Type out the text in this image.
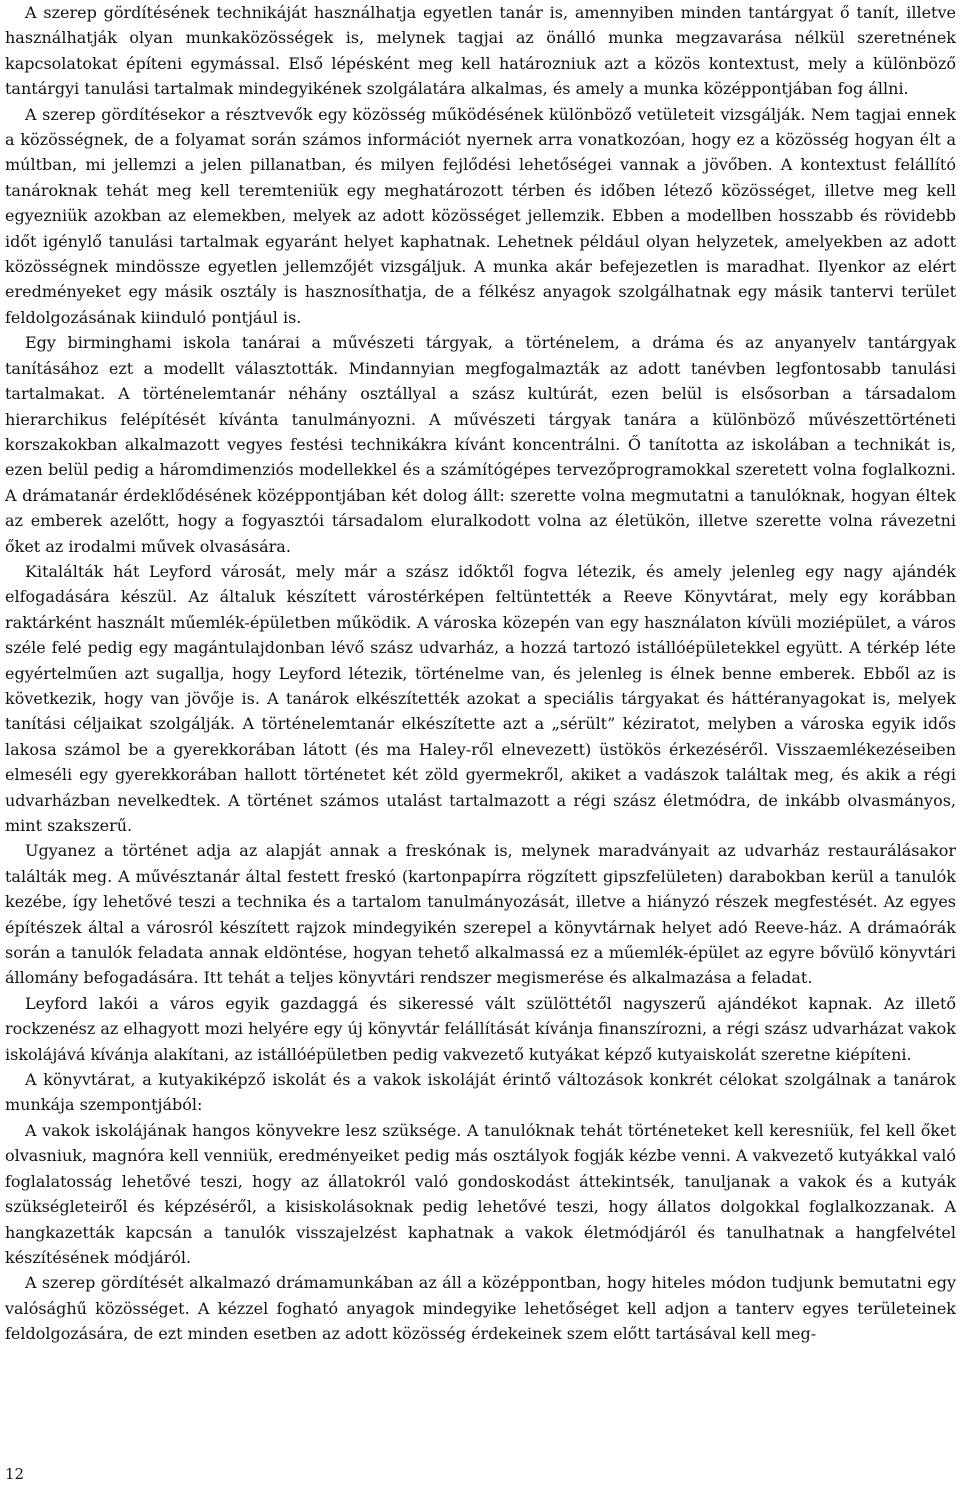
A szerep gördítésének technikáját használhatja egyetlen tanár is, amennyiben minden tantárgyat ő tanít, illetve használhatják olyan munkaközösségek is, melynek tagjai az önálló munka megzavarása nélkül szeretnének kapcsolatokat építeni egymással. Első lépésként meg kell határozniuk azt a közös kontextust, mely a különböző tantárgyi tanulási tartalmak mindegyikének szolgálatára alkalmas, és amely a munka középpontjában fog állni.

A szerep gördítésekor a résztvevők egy közösség működésének különböző vetületeit vizsgálják. Nem tagjai ennek a közösségnek, de a folyamat során számos információt nyernek arra vonatkozóan, hogy ez a közösség hogyan élt a múltban, mi jellemzi a jelen pillanatban, és milyen fejlődési lehetőségei vannak a jövőben. A kontextust felállító tanároknak tehát meg kell teremteniük egy meghatározott térben és időben létező közösséget, illetve meg kell egyezniük azokban az elemekben, melyek az adott közösséget jellemzik. Ebben a modellben hosszabb és rövidebb időt igénylő tanulási tartalmak egyaránt helyet kaphatnak. Lehetnek például olyan helyzetek, amelyekben az adott közösségnek mindössze egyetlen jellemzőjét vizsgáljuk. A munka akár befejezetlen is maradhat. Ilyenkor az elért eredményeket egy másik osztály is hasznosíthatja, de a félkész anyagok szolgálhatnak egy másik tantervi terület feldolgozásának kiinduló pontjául is.

Egy birminghami iskola tanárai a művészeti tárgyak, a történelem, a dráma és az anyanyelv tantárgyak tanításához ezt a modellt választották. Mindannyian megfogalmazták az adott tanévben legfontosabb tanulási tartalmakat. A történelemtanár néhány osztállyal a szász kultúrát, ezen belül is elsősorban a társadalom hierarchikus felépítését kívánta tanulmányozni. A művészeti tárgyak tanára a különböző művészettörténeti korszakokban alkalmazott vegyes festési technikákra kívánt koncentrálni. Ő tanította az iskolában a technikát is, ezen belül pedig a háromdimenziós modellekkel és a számítógépes tervezőprogramokkal szeretett volna foglalkozni. A drámatanár érdeklődésének középpontjában két dolog állt: szerette volna megmutatni a tanulóknak, hogyan éltek az emberek azelőtt, hogy a fogyasztói társadalom eluralkodott volna az életükön, illetve szerette volna rávezetni őket az irodalmi művek olvasására.

Kitalálták hát Leyford városát, mely már a szász időktől fogva létezik, és amely jelenleg egy nagy ajándék elfogadására készül. Az általuk készített várostérképen feltüntették a Reeve Könyvtárat, mely egy korábban raktárként használt műemlék-épületben működik. A városka közepén van egy használaton kívüli moziépület, a város széle felé pedig egy magántulajdonban lévő szász udvarház, a hozzá tartozó istállóépületekkel együtt. A térkép léte egyértelműen azt sugallja, hogy Leyford létezik, történelme van, és jelenleg is élnek benne emberek. Ebből az is következik, hogy van jövője is. A tanárok elkészítették azokat a speciális tárgyakat és háttéranyagokat is, melyek tanítási céljaikat szolgálják. A történelemtanár elkészítette azt a „sérült” kéziratot, melyben a városka egyik idős lakosa számol be a gyerekkorában látott (és ma Haley-ről elnevezett) üstökös érkezéséről. Visszaemlékezéseiben elmeséli egy gyerekkorában hallott történetet két zöld gyermekről, akiket a vadászok találtak meg, és akik a régi udvarházban nevelkedtek. A történet számos utalást tartalmazott a régi szász életmódra, de inkább olvasmányos, mint szakszerű.

Ugyanez a történet adja az alapját annak a freskónak is, melynek maradványait az udvarház restaurálásakor találták meg. A művésztanár által festett freskó (kartonpapírra rögzített gipszfelületen) darabokban kerül a tanulók kezébe, így lehetővé teszi a technika és a tartalom tanulmányozását, illetve a hiányzó részek megfestését. Az egyes építészek által a városról készített rajzok mindegyikén szerepel a könyvtárnak helyet adó Reeve-ház. A drámaórák során a tanulók feladata annak eldöntése, hogyan tehető alkalmassá ez a műemlék-épület az egyre bővülő könyvtári állomány befogadására. Itt tehát a teljes könyvtári rendszer megismerése és alkalmazása a feladat.

Leyford lakói a város egyik gazdaggá és sikeressé vált szülöttétől nagyszerű ajándékot kapnak. Az illető rockzenész az elhagyott mozi helyére egy új könyvtár felállítását kívánja finanszírozni, a régi szász udvarházat vakok iskolájává kívánja alakítani, az istállóépületben pedig vakvezető kutyákat képző kutyaiskolát szeretne kiépíteni.

A könyvtárat, a kutyakiképző iskolát és a vakok iskoláját érintő változások konkrét célokat szolgálnak a tanárok munkája szempontjából:

A vakok iskolájának hangos könyvekre lesz szüksége. A tanulóknak tehát történeteket kell keresniük, fel kell őket olvasniuk, magnóra kell venniük, eredményeiket pedig más osztályok fogják kézbe venni. A vakvezető kutyákkal való foglalatosság lehetővé teszi, hogy az állatokról való gondoskodást áttekintsék, tanuljanak a vakok és a kutyák szükségleteiről és képzéséről, a kisiskolásoknak pedig lehetővé teszi, hogy állatos dolgokkal foglalkozzanak. A hangkazetták kapcsán a tanulók visszajelzést kaphatnak a vakok életmódjáról és tanulhatnak a hangfelvétel készítésének módjáról.

A szerep gördítését alkalmazó drámamunkában az áll a középpontban, hogy hiteles módon tudjunk bemutatni egy valósághű közösséget. A kézzel fogható anyagok mindegyike lehetőséget kell adjon a tanterv egyes területeinek feldolgozására, de ezt minden esetben az adott közösség érdekeinek szem előtt tartásával kell meg-

12
